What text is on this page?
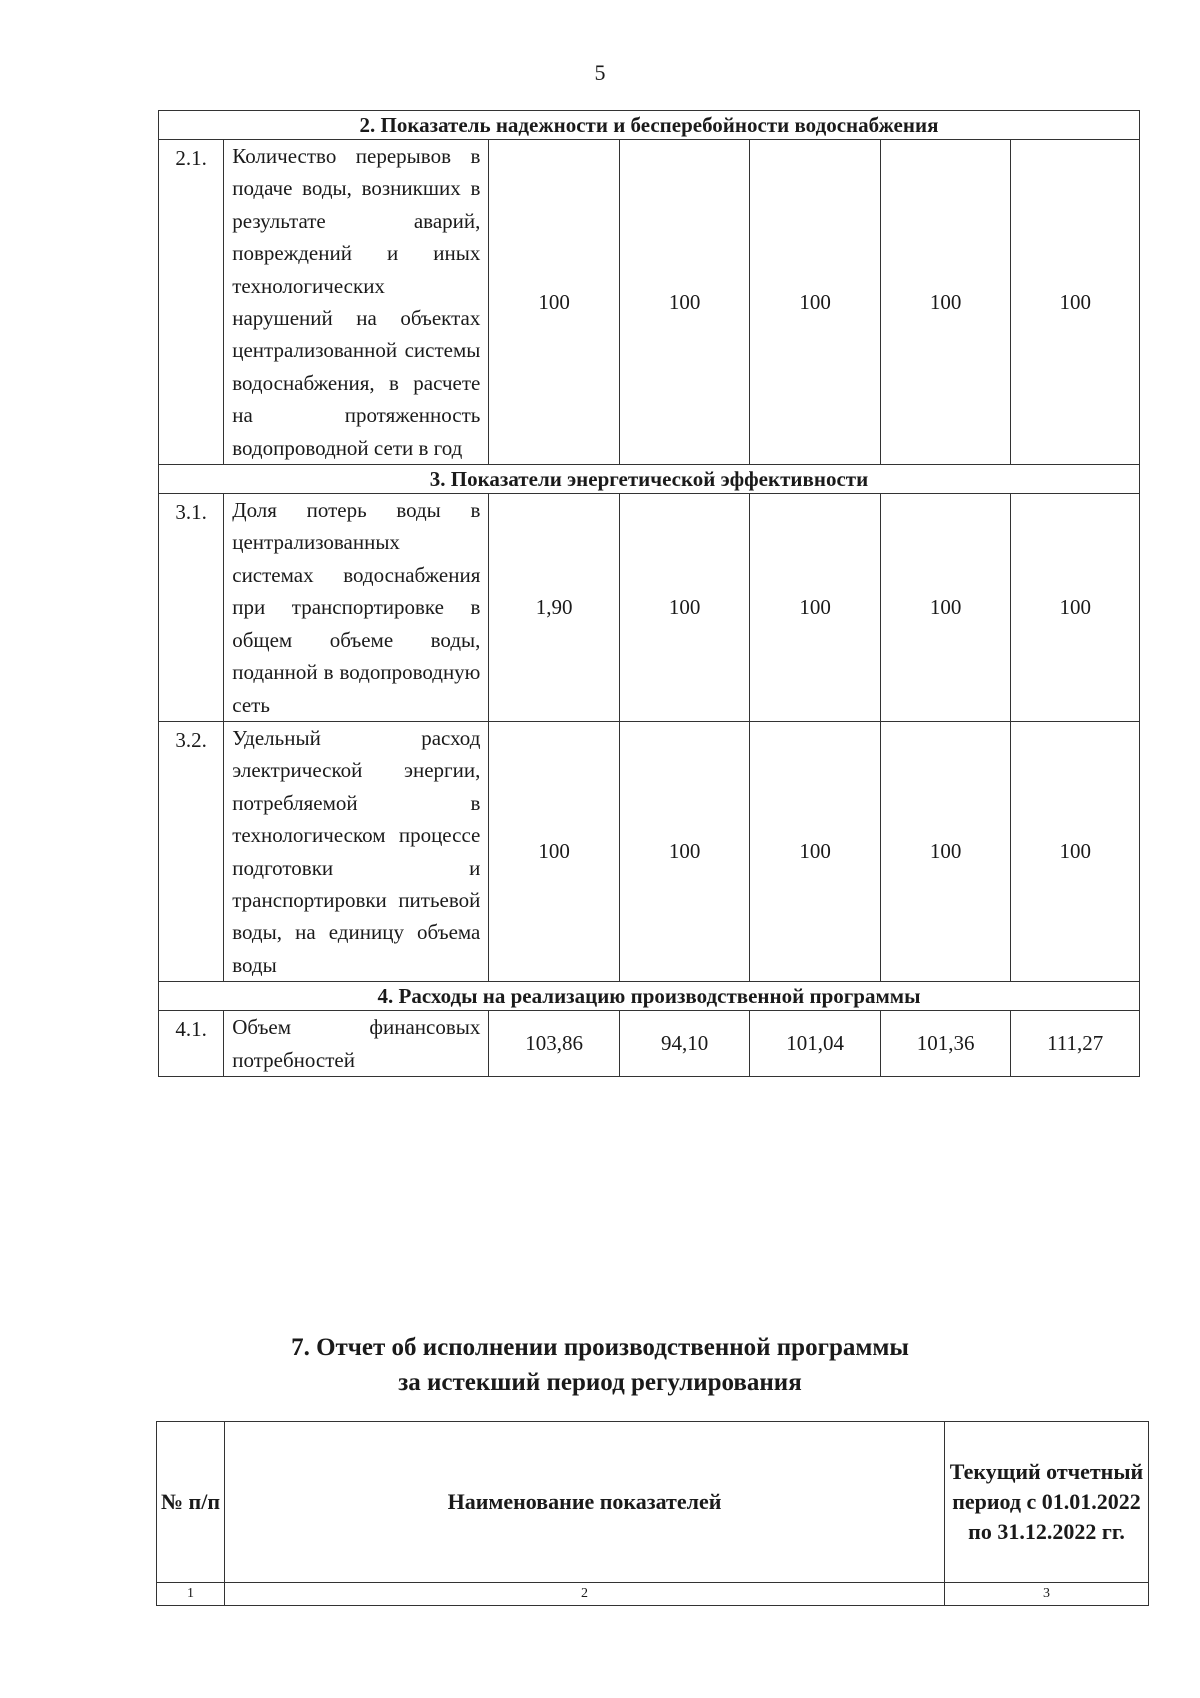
5
2. Показатель надежности и бесперебойности водоснабжения						
2.1.	Количество перерывов в подаче воды, возникших в результате аварий, повреждений и иных технологических нарушений на объектах централизованной системы водоснабжения, в расчете на протяженность водопроводной сети в год	100	100	100	100	100
3. Показатели энергетической эффективности						
3.1.	Доля потерь воды в централизованных системах водоснабжения при транспортировке в общем объеме воды, поданной в водопроводную сеть	1,90	100	100	100	100
3.2.	Удельный расход электрической энергии, потребляемой в технологическом процессе подготовки и транспортировки питьевой воды, на единицу объема воды	100	100	100	100	100
4. Расходы на реализацию производственной программы						
4.1.	Объем финансовых потребностей	103,86	94,10	101,04	101,36	111,27
7. Отчет об исполнении производственной программы
за истекший период регулирования
№ п/п	Наименование показателей	Текущий отчетный период с 01.01.2022 по 31.12.2022 гг.
1	2	3
